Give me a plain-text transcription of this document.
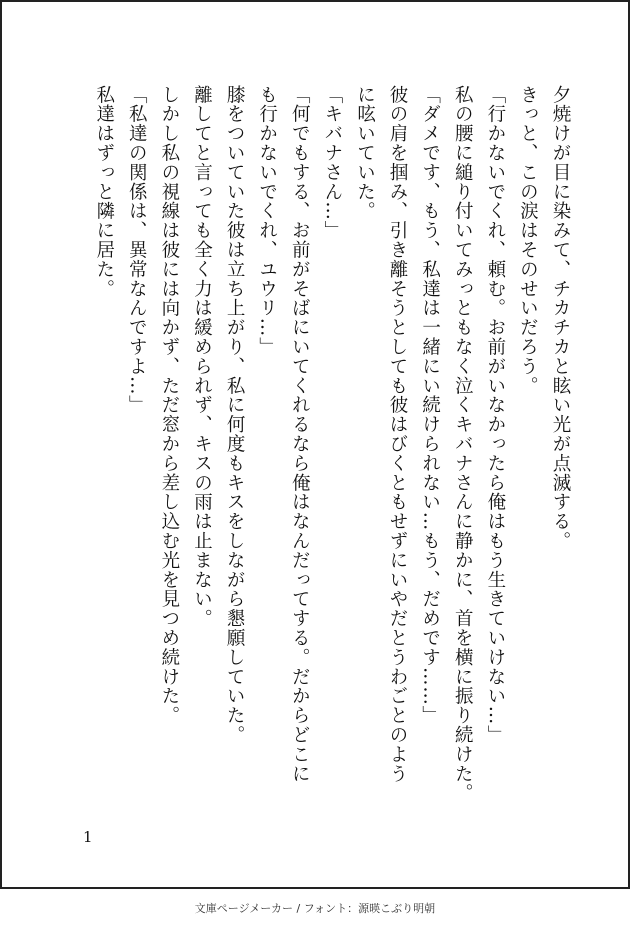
夕焼けが目に染みて、チカチカと眩い光が点滅する。
きっと、この涙はそのせいだろう。
「行かないでくれ、頼む。お前がいなかったら俺はもう生きていけない…」
私の腰に縋り付いてみっともなく泣くキバナさんに静かに、首を横に振り続けた。
「ダメです、もう、私達は一緒にい続けられない…もう、だめです……」
彼の肩を掴み、引き離そうとしても彼はびくともせずにいやだとうわごとのよう
に呟いていた。
「キバナさん…」
「何でもする、お前がそばにいてくれるなら俺はなんだってする。だからどこに
も行かないでくれ、ユウリ…」
膝をついていた彼は立ち上がり、私に何度もキスをしながら懇願していた。
離してと言っても全く力は緩められず、キスの雨は止まない。
しかし私の視線は彼には向かず、ただ窓から差し込む光を見つめ続けた。
「私達の関係は、異常なんですよ…」
私達はずっと隣に居た。
1
文庫ページメーカー / フォント：源暎こぶり明朝
